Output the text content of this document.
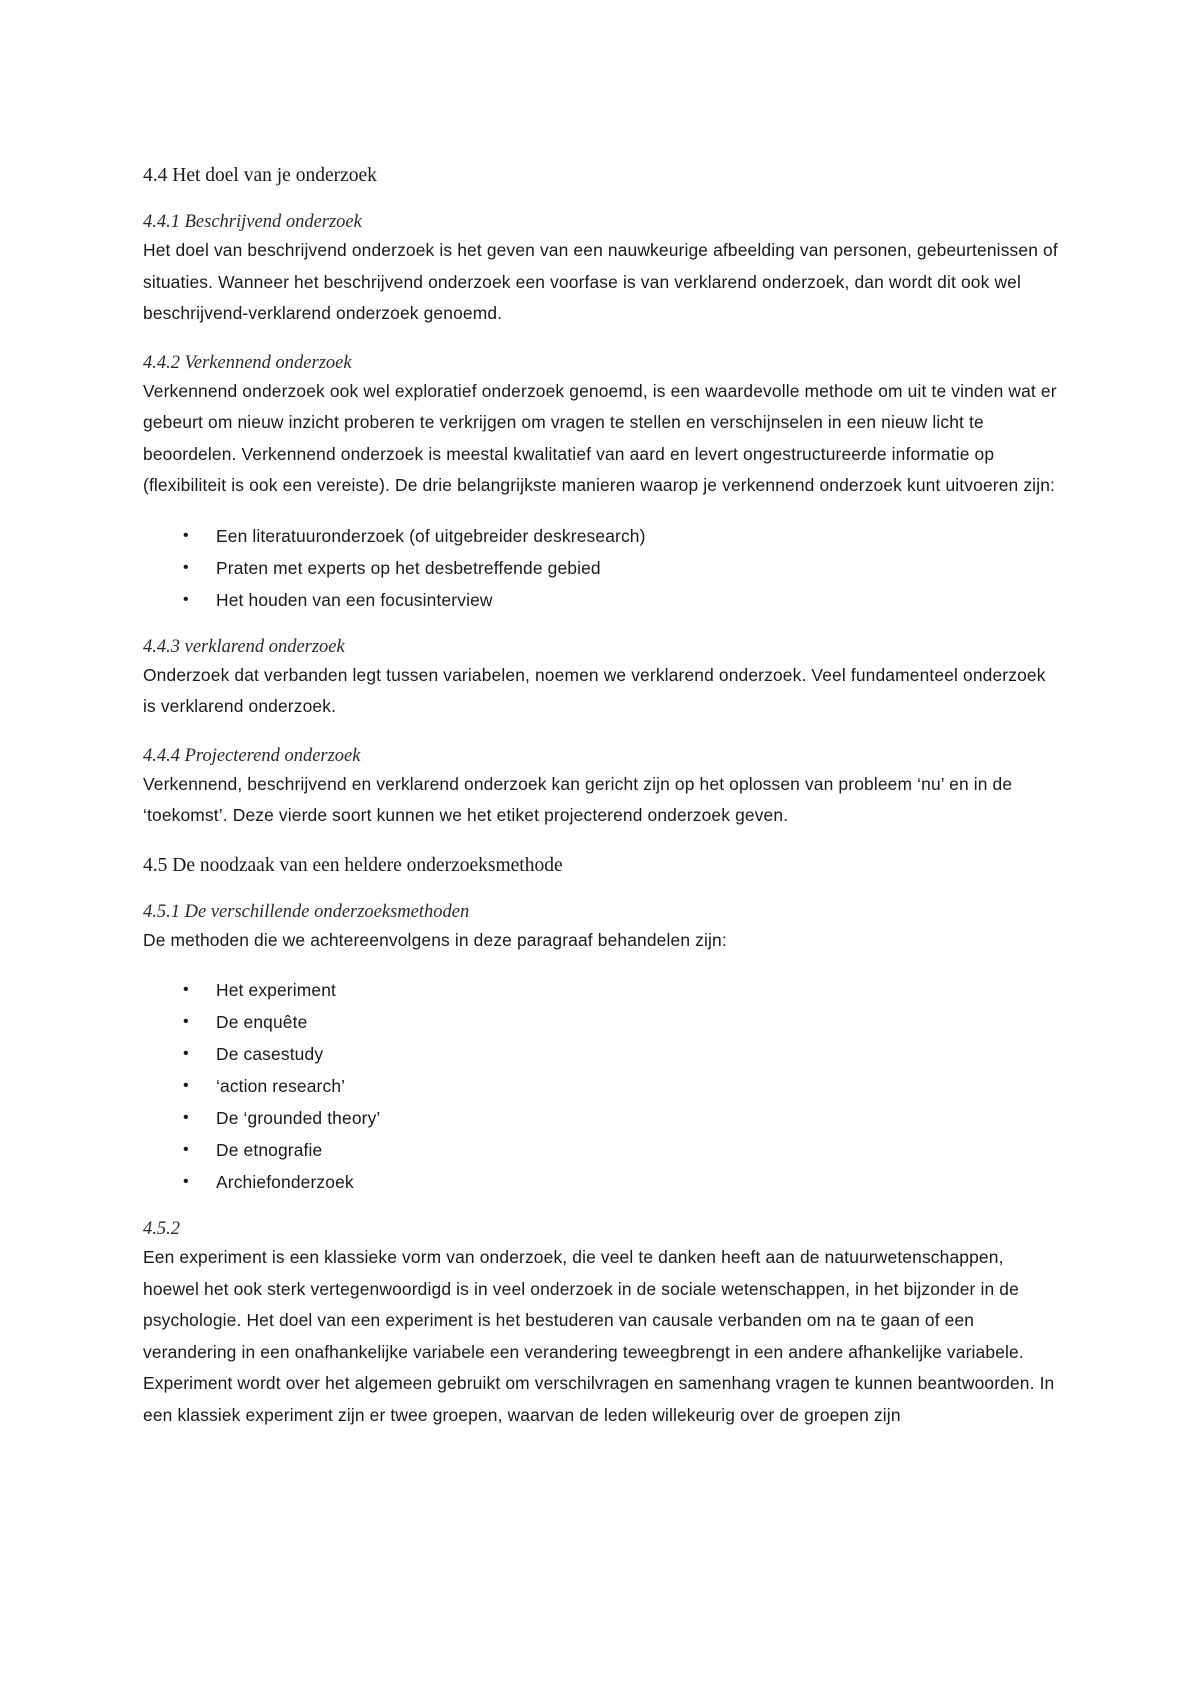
4.4 Het doel van je onderzoek
4.4.1 Beschrijvend onderzoek

Het doel van beschrijvend onderzoek is het geven van een nauwkeurige afbeelding van personen, gebeurtenissen of situaties. Wanneer het beschrijvend onderzoek een voorfase is van verklarend onderzoek, dan wordt dit ook wel beschrijvend-verklarend onderzoek genoemd.

4.4.2 Verkennend onderzoek

Verkennend onderzoek ook wel exploratief onderzoek genoemd, is een waardevolle methode om uit te vinden wat er gebeurt om nieuw inzicht proberen te verkrijgen om vragen te stellen en verschijnselen in een nieuw licht te beoordelen. Verkennend onderzoek is meestal kwalitatief van aard en levert ongestructureerde informatie op (flexibiliteit is ook een vereiste). De drie belangrijkste manieren waarop je verkennend onderzoek kunt uitvoeren zijn:

• Een literatuuronderzoek (of uitgebreider deskresearch)
• Praten met experts op het desbetreffende gebied
• Het houden van een focusinterview
4.4.3 verklarend onderzoek

Onderzoek dat verbanden legt tussen variabelen, noemen we verklarend onderzoek. Veel fundamenteel onderzoek is verklarend onderzoek.

4.4.4 Projecterend onderzoek

Verkennend, beschrijvend en verklarend onderzoek kan gericht zijn op het oplossen van probleem ‘nu’ en in de ‘toekomst’. Deze vierde soort kunnen we het etiket projecterend onderzoek geven.

4.5 De noodzaak van een heldere onderzoeksmethode
4.5.1 De verschillende onderzoeksmethoden

De methoden die we achtereenvolgens in deze paragraaf behandelen zijn:

• Het experiment
• De enquête
• De casestudy
• ‘action research’
• De ‘grounded theory’
• De etnografie
• Archiefonderzoek
4.5.2

Een experiment is een klassieke vorm van onderzoek, die veel te danken heeft aan de natuurwetenschappen, hoewel het ook sterk vertegenwoordigd is in veel onderzoek in de sociale wetenschappen, in het bijzonder in de psychologie. Het doel van een experiment is het bestuderen van causale verbanden om na te gaan of een verandering in een onafhankelijke variabele een verandering teweegbrengt in een andere afhankelijke variabele. Experiment wordt over het algemeen gebruikt om verschilvragen en samenhang vragen te kunnen beantwoorden. In een klassiek experiment zijn er twee groepen, waarvan de leden willekeurig over de groepen zijn
